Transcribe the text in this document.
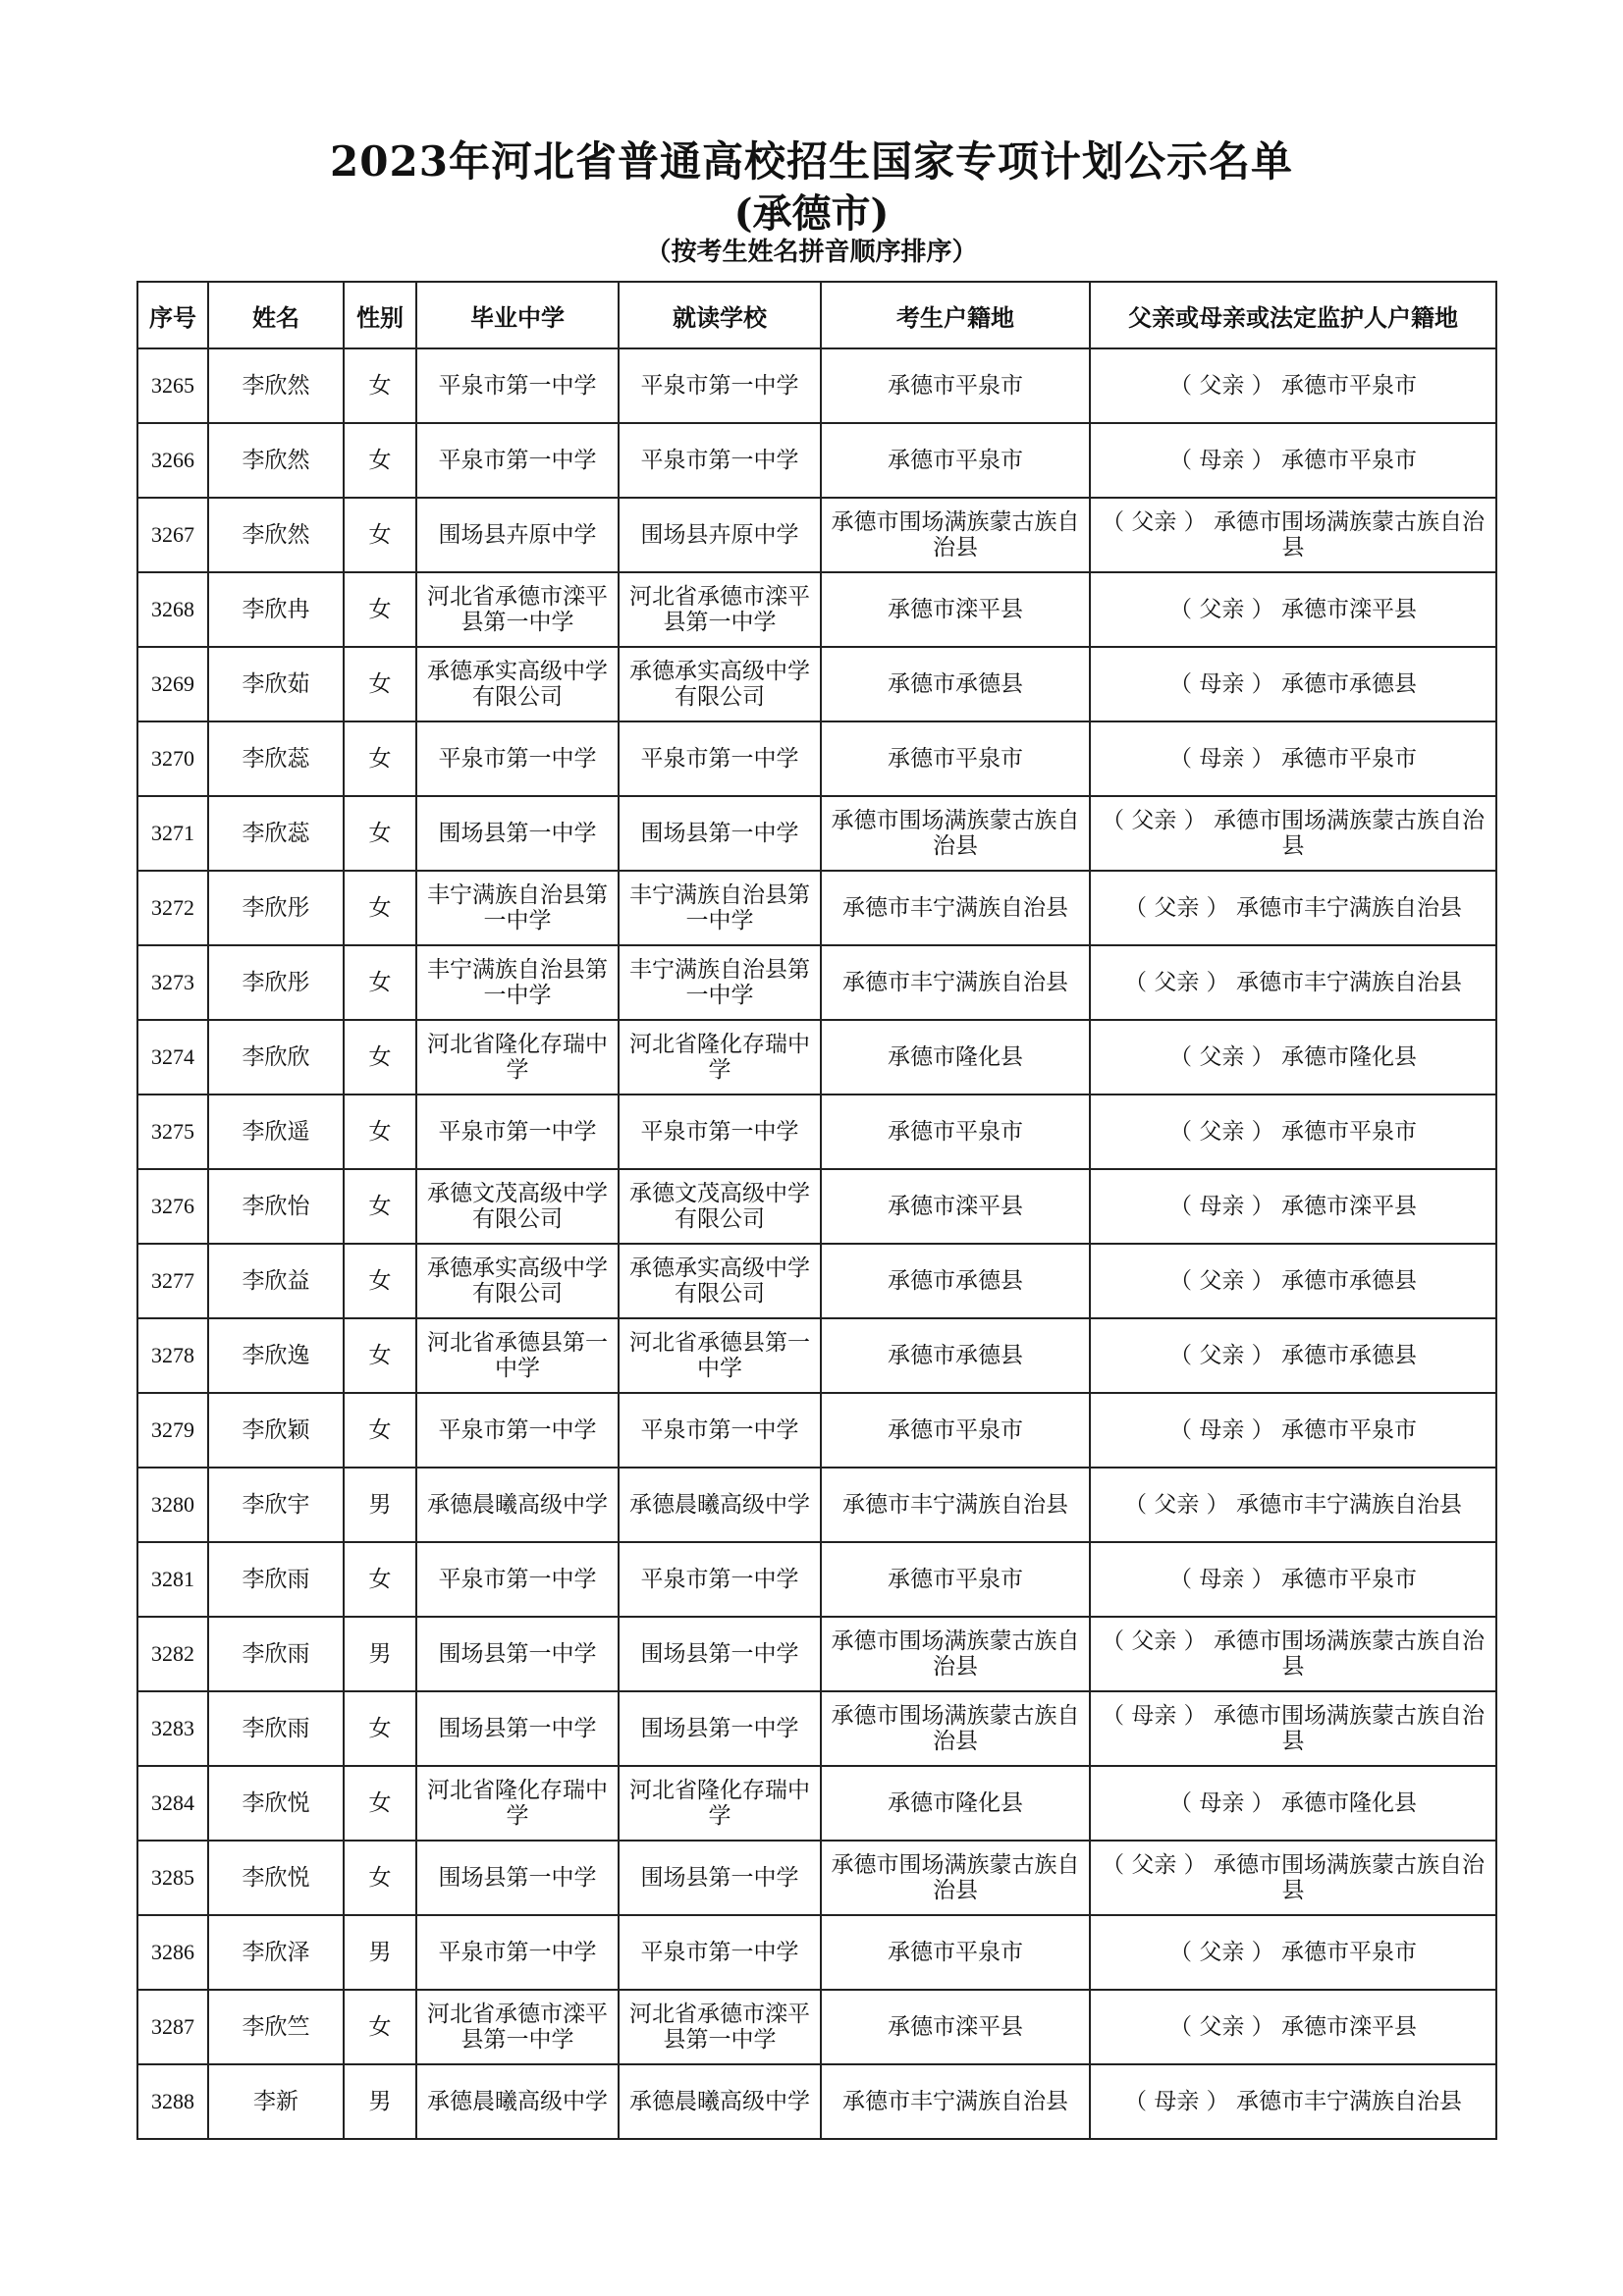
2023年河北省普通高校招生国家专项计划公示名单
(承德市)
（按考生姓名拼音顺序排序）
序号	姓名	性别	毕业中学	就读学校	考生户籍地	父亲或母亲或法定监护人户籍地
3265	李欣然	女	平泉市第一中学	平泉市第一中学	承德市平泉市	（ 父亲 ） 承德市平泉市
3266	李欣然	女	平泉市第一中学	平泉市第一中学	承德市平泉市	（ 母亲 ） 承德市平泉市
3267	李欣然	女	围场县卉原中学	围场县卉原中学	承德市围场满族蒙古族自治县	（ 父亲 ） 承德市围场满族蒙古族自治县
3268	李欣冉	女	河北省承德市滦平县第一中学	河北省承德市滦平县第一中学	承德市滦平县	（ 父亲 ） 承德市滦平县
3269	李欣茹	女	承德承实高级中学有限公司	承德承实高级中学有限公司	承德市承德县	（ 母亲 ） 承德市承德县
3270	李欣蕊	女	平泉市第一中学	平泉市第一中学	承德市平泉市	（ 母亲 ） 承德市平泉市
3271	李欣蕊	女	围场县第一中学	围场县第一中学	承德市围场满族蒙古族自治县	（ 父亲 ） 承德市围场满族蒙古族自治县
3272	李欣彤	女	丰宁满族自治县第一中学	丰宁满族自治县第一中学	承德市丰宁满族自治县	（ 父亲 ） 承德市丰宁满族自治县
3273	李欣彤	女	丰宁满族自治县第一中学	丰宁满族自治县第一中学	承德市丰宁满族自治县	（ 父亲 ） 承德市丰宁满族自治县
3274	李欣欣	女	河北省隆化存瑞中学	河北省隆化存瑞中学	承德市隆化县	（ 父亲 ） 承德市隆化县
3275	李欣遥	女	平泉市第一中学	平泉市第一中学	承德市平泉市	（ 父亲 ） 承德市平泉市
3276	李欣怡	女	承德文茂高级中学有限公司	承德文茂高级中学有限公司	承德市滦平县	（ 母亲 ） 承德市滦平县
3277	李欣益	女	承德承实高级中学有限公司	承德承实高级中学有限公司	承德市承德县	（ 父亲 ） 承德市承德县
3278	李欣逸	女	河北省承德县第一中学	河北省承德县第一中学	承德市承德县	（ 父亲 ） 承德市承德县
3279	李欣颖	女	平泉市第一中学	平泉市第一中学	承德市平泉市	（ 母亲 ） 承德市平泉市
3280	李欣宇	男	承德晨曦高级中学	承德晨曦高级中学	承德市丰宁满族自治县	（ 父亲 ） 承德市丰宁满族自治县
3281	李欣雨	女	平泉市第一中学	平泉市第一中学	承德市平泉市	（ 母亲 ） 承德市平泉市
3282	李欣雨	男	围场县第一中学	围场县第一中学	承德市围场满族蒙古族自治县	（ 父亲 ） 承德市围场满族蒙古族自治县
3283	李欣雨	女	围场县第一中学	围场县第一中学	承德市围场满族蒙古族自治县	（ 母亲 ） 承德市围场满族蒙古族自治县
3284	李欣悦	女	河北省隆化存瑞中学	河北省隆化存瑞中学	承德市隆化县	（ 母亲 ） 承德市隆化县
3285	李欣悦	女	围场县第一中学	围场县第一中学	承德市围场满族蒙古族自治县	（ 父亲 ） 承德市围场满族蒙古族自治县
3286	李欣泽	男	平泉市第一中学	平泉市第一中学	承德市平泉市	（ 父亲 ） 承德市平泉市
3287	李欣竺	女	河北省承德市滦平县第一中学	河北省承德市滦平县第一中学	承德市滦平县	（ 父亲 ） 承德市滦平县
3288	李新	男	承德晨曦高级中学	承德晨曦高级中学	承德市丰宁满族自治县	（ 母亲 ） 承德市丰宁满族自治县
